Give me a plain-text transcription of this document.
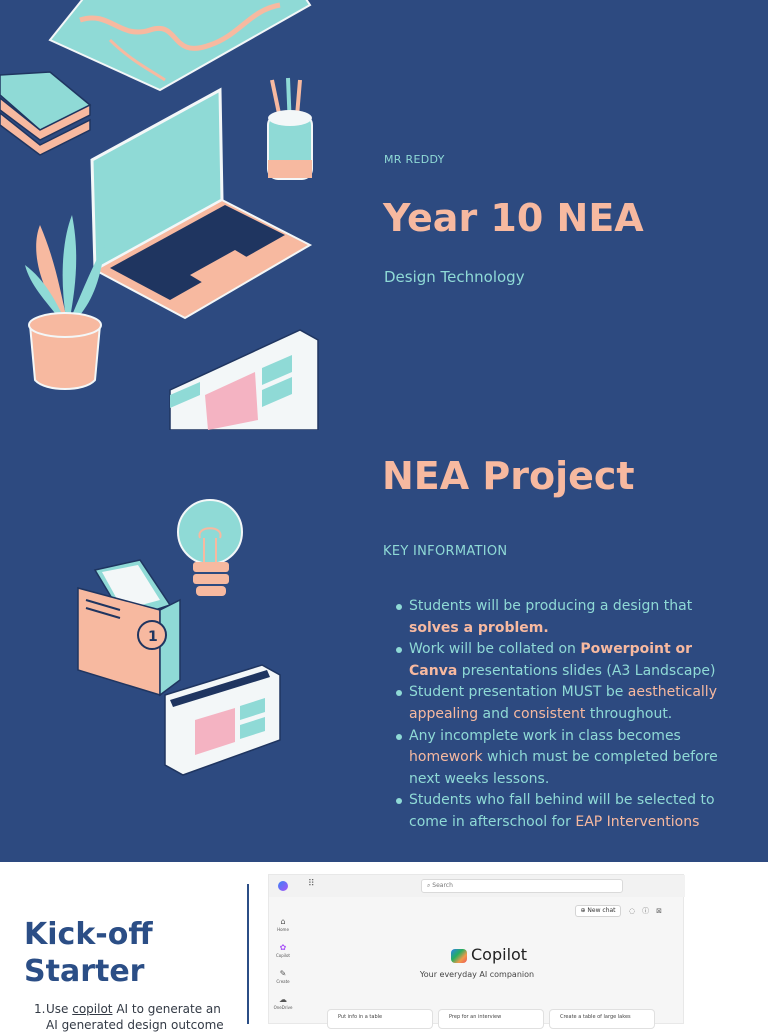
MR REDDY
Year 10 NEA
Design Technology
1
NEA Project
KEY INFORMATION
Students will be producing a design that solves a problem.
Work will be collated on Powerpoint or Canva presentations slides (A3 Landscape)
Student presentation MUST be aesthetically appealing and consistent throughout.
Any incomplete work in class becomes homework which must be completed before next weeks lessons.
Students who fall behind will be selected to come in afterschool for EAP Interventions
Kick-off
Starter
1.Use copilot AI to generate an
AI generated design outcome
⠿	⌕ Search
⌂
Home
✿
Copilot
✎
Create
☁
OneDrive
⊕ New chat	◌ⓘ⊠
Copilot
Your everyday AI companion
Put info in a table	Prep for an interview	Create a table of large lakes
